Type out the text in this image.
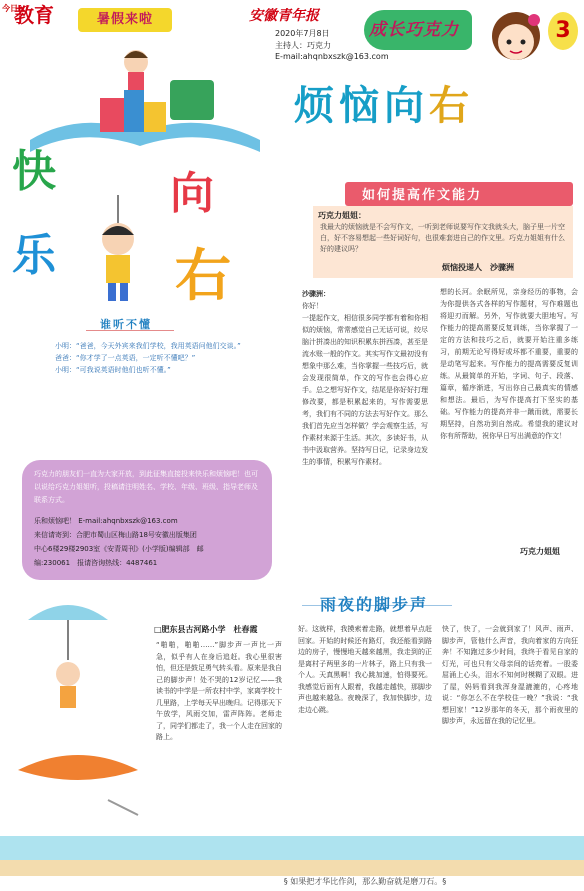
今日
教育	暑假来啦	安徽青年报
2020年7月8日
主持人：巧克力
E-mail:ahqnbxszk@163.com
成长巧克力	3
快	向
乐 右
谁听不懂
小明：“爸爸，今天外宾来我们学校，我用英语问他们交谈。”
爸爸：“你才学了一点英语，一定听不懂吧？”
小明：“可我说英语时他们也听不懂。”
巧克力的朋友们一直为大家开放，到此征集直接投来快乐和烦恼吧！也可以说给巧克力姐姐听，投稿请注明姓名、学校、年级、班级、指导老师及联系方式。
乐和烦恼吧！ E-mail:ahqnbxszk@163.com
来信请寄到：合肥市蜀山区梅山路18号安徽出版集团
中心6楼29楼2903室《安青周刊》(小学版)编辑部　邮
编:230061　报请咨询热线：4487461
烦恼向右
如何提高作文能力
巧克力姐姐：
我最大的烦恼就是不会写作文，一听到老师说要写作文我就头大，脑子里一片空白，好不容易想起一些好词好句，也很难套进自己的作文里。巧克力姐姐有什么好的建议吗？
烦恼投递人　沙骤洲
沙骤洲：
你好！
一提起作文，相信很多同学都有着和你相似的烦恼，常常感觉自己无话可说，绞尽脑汁拼凑出的知识积累东拼西凑，甚至是流水账一般的作文。其实写作文最初没有想象中那么难，当你掌握一些技巧后，就会发现很简单，作文的写作也会得心应手。总之想写好作文，结尾是你好好打理修改要，都是积累起来的，写作需要思考，我们有不同的方法去写好作文。那么我们首先应当怎样做？学会观察生活，写作素材来源于生活。其次，多读好书，从书中汲取营养。坚持写日记，记录身边发生的事情，积累写作素材。
想的长河。余眠所见，亲身经历的事物，会为你提供各式各样的写作题材，写作难题也将迎刃而解。另外，写作就要大胆地写。写作能力的提高需要反复训练，当你掌握了一定的方法和技巧之后，就要开始注重多练习，前期无论写得好或坏都不重要，重要的是动笔写起来。写作能力的提高需要反复训练。从最简单的开始，字词、句子、段落、篇章，循序渐进，写出你自己最真实的情感和想法。最后，为写作提高打下坚实的基础。写作能力的提高并非一蹴而就，需要长期坚持，自然功到自然成。希望我的建议对你有所帮助，祝你早日写出满意的作文！
巧克力姐姐
雨夜的脚步声
□肥东县古河路小学　杜春霞
“啪啪，啪啪……”脚步声一声比一声急，似乎有人在身后追赶。我心里很害怕，但还是鼓足勇气转头看。原来是我自己的脚步声！处不哭的12岁记忆——我读书的中学是一所农村中学，家离学校十几里路，上学每天早出晚归。记得那天下午放学，风雨交加，雷声阵阵。老师走了，同学们都走了，我一个人走在回家的路上。
好。这就样，我摸索着走路，就想着早点赶回家。开始的时候还有路灯，我还能看到路边的房子，慢慢地天越来越黑，我走到的正是离村子两里多的一片林子，路上只有我一个人。天真黑啊！我心跳加速，怕得要死。我感觉后面有人跟着，我越走越快，那脚步声也越来越急。夜晚深了，我加快脚步，边走边心跳。
快了，快了，一会就到家了！风声、雨声、脚步声，管他什么声音，我向着家的方向狂奔！不知跑过多少时间，我终于看见自家的灯光，可也只有父母亲间的话亮着。一股委屈涌上心头，泪水不知何时模糊了双眼。进了屋，妈妈看到我浑身湿漉漉的，心疼地说：“你怎么不在学校住一晚？”我说：“我想回家！”12岁那年的冬天，那个雨夜里的脚步声，永远留在我的记忆里。
§ 如果把才华比作剑，那么勤奋就是磨刀石。§
